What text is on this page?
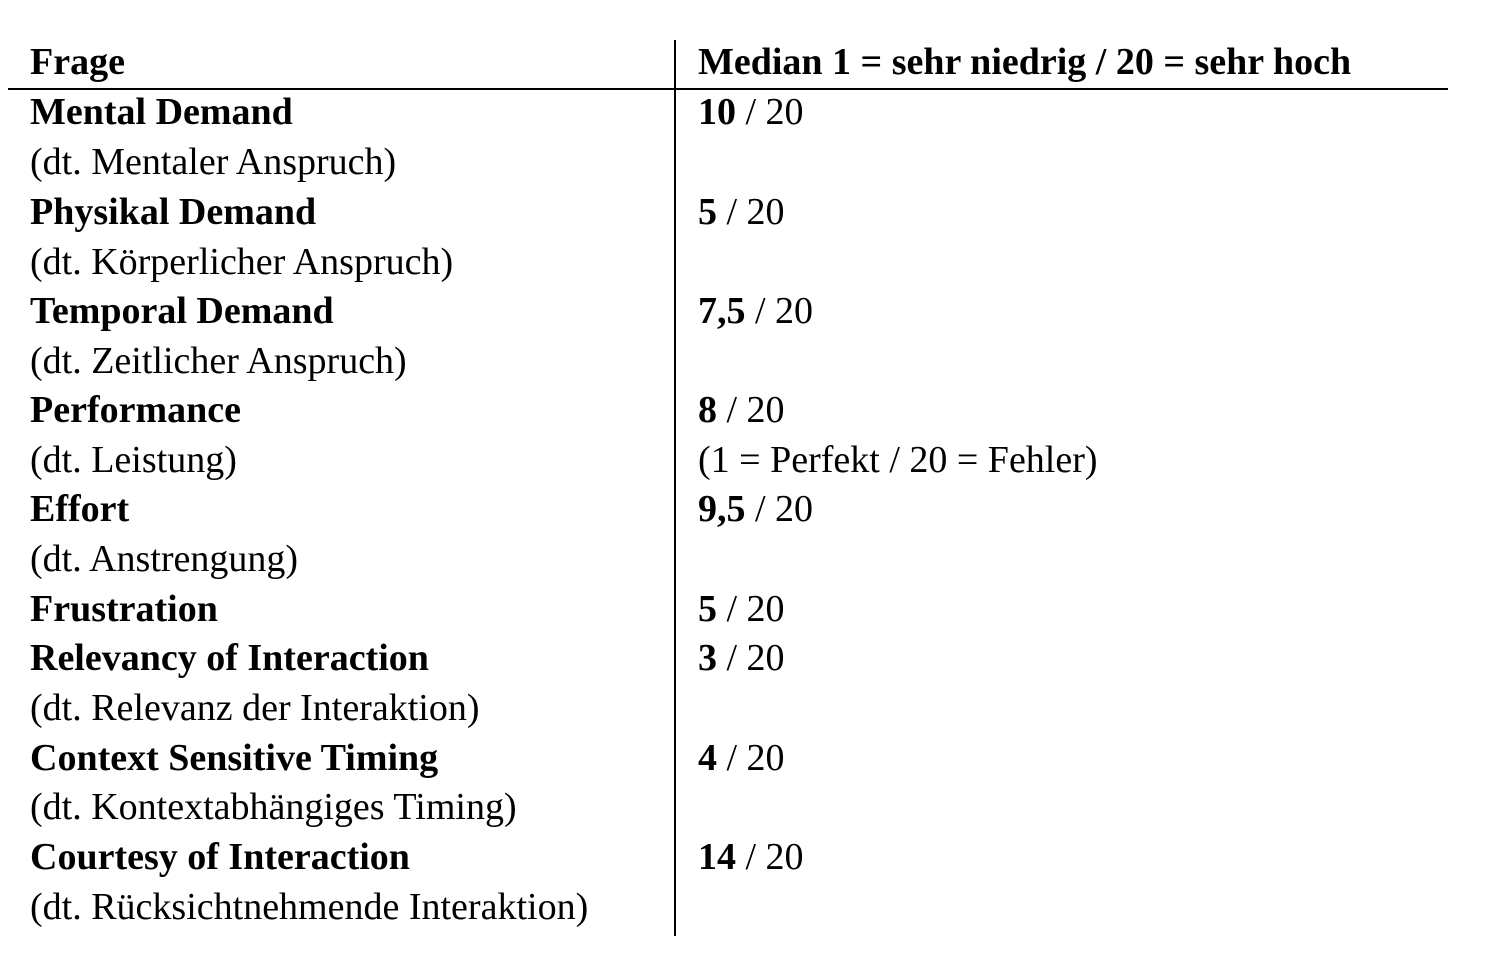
Frage	Median 1 = sehr niedrig / 20 = sehr hoch
Mental Demand
(dt. Mentaler Anspruch)
10 / 20
Physikal Demand
(dt. Körperlicher Anspruch)
5 / 20
Temporal Demand
(dt. Zeitlicher Anspruch)
7,5 / 20
Performance
(dt. Leistung)
8 / 20
(1 = Perfekt / 20 = Fehler)
Effort
(dt. Anstrengung)
9,5 / 20
Frustration	5 / 20
Relevancy of Interaction
(dt. Relevanz der Interaktion)
3 / 20
Context Sensitive Timing
(dt. Kontextabhängiges Timing)
4 / 20
Courtesy of Interaction
(dt. Rücksichtnehmende Interaktion)
14 / 20
